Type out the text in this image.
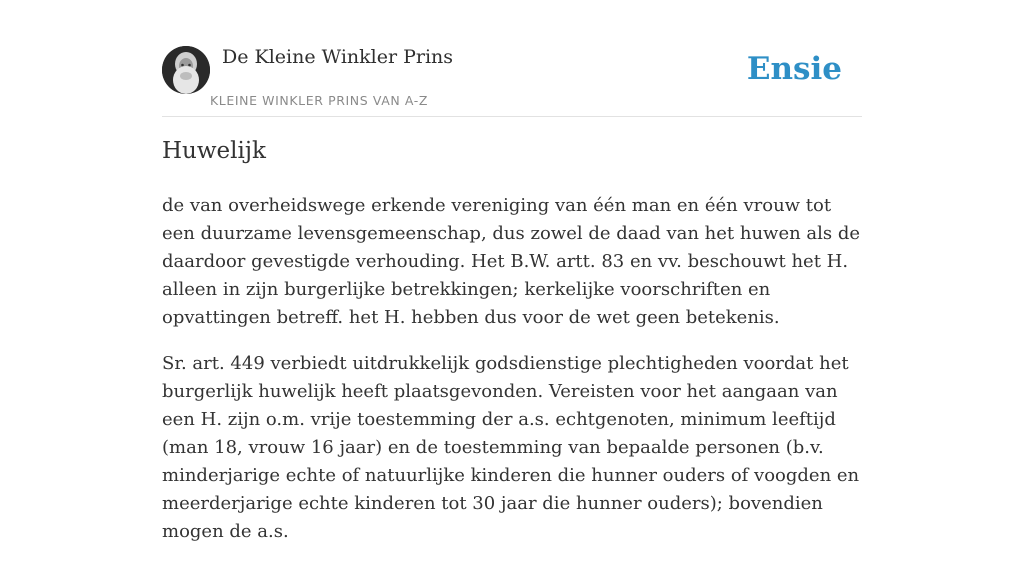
De Kleine Winkler Prins
KLEINE WINKLER PRINS VAN A-Z
Ensie
Huwelijk

de van overheidswege erkende vereniging van één man en één vrouw tot een duurzame levensgemeenschap, dus zowel de daad van het huwen als de daardoor gevestigde verhouding. Het B.W. artt. 83 en vv. beschouwt het H. alleen in zijn burgerlijke betrekkingen; kerkelijke voorschriften en opvattingen betreff. het H. hebben dus voor de wet geen betekenis.

Sr. art. 449 verbiedt uitdrukkelijk godsdienstige plechtigheden voordat het burgerlijk huwelijk heeft plaatsgevonden. Vereisten voor het aangaan van een H. zijn o.m. vrije toestemming der a.s. echtgenoten, minimum leeftijd (man 18, vrouw 16 jaar) en de toestemming van bepaalde personen (b.v. minderjarige echte of natuurlijke kinderen die hunner ouders of voogden en meerderjarige echte kinderen tot 30 jaar die hunner ouders); bovendien mogen de a.s.
